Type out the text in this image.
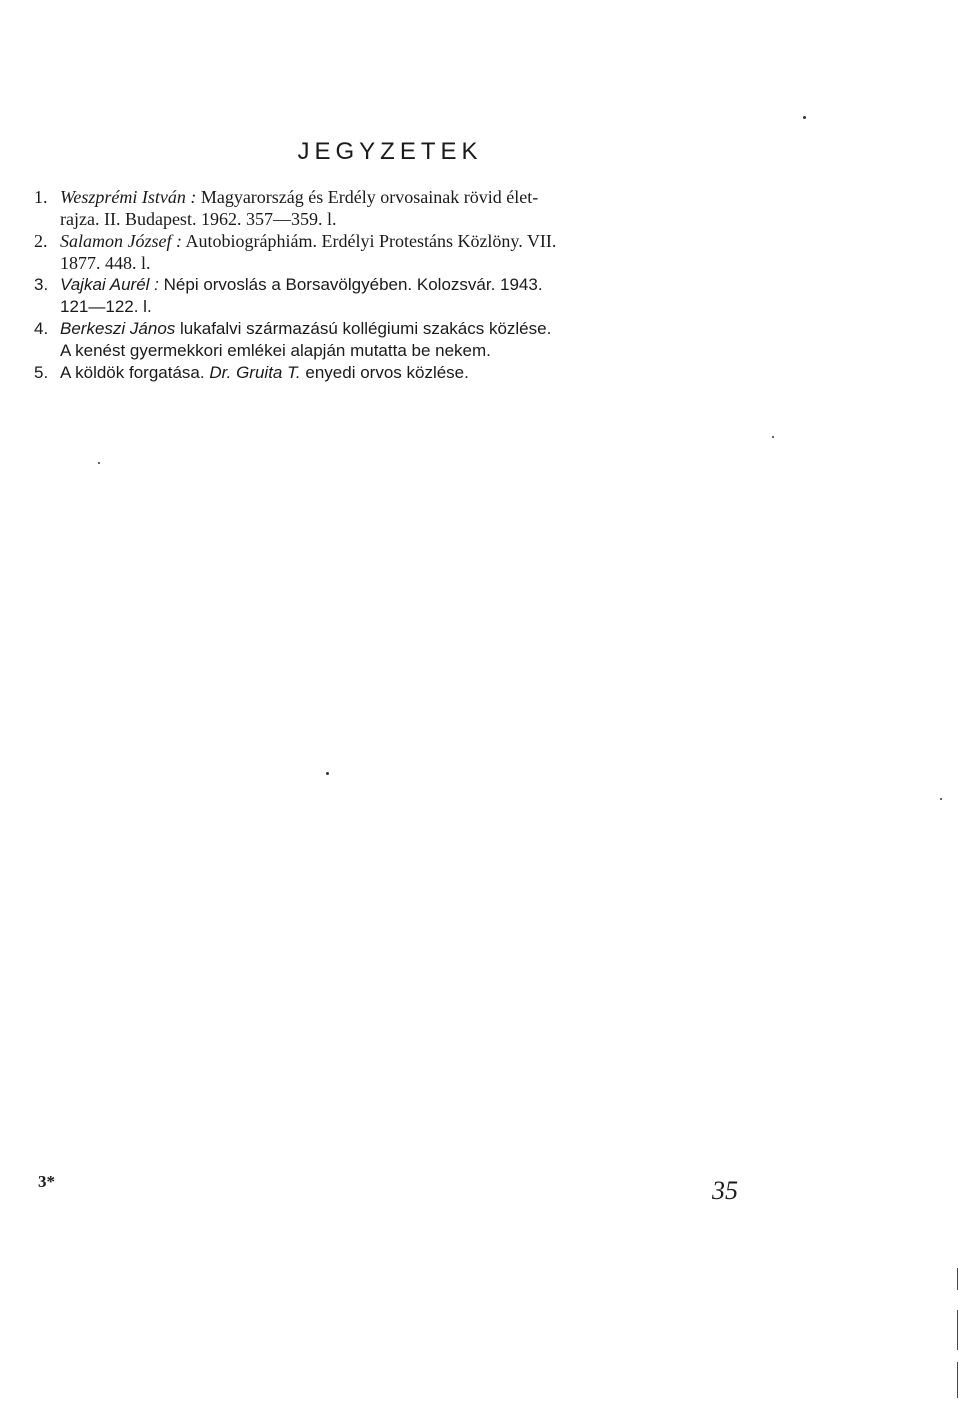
JEGYZETEK
1. Weszprémi István : Magyarország és Erdély orvosainak rövid élet-
rajza. II. Budapest. 1962. 357—359. l.
2. Salamon József : Autobiográphiám. Erdélyi Protestáns Közlöny. VII.
1877. 448. l.
3. Vajkai Aurél : Népi orvoslás a Borsavölgyében. Kolozsvár. 1943.
121—122. l.
4. Berkeszi János lukafalvi származású kollégiumi szakács közlése.
A kenést gyermekkori emlékei alapján mutatta be nekem.
5. A köldök forgatása. Dr. Gruita T. enyedi orvos közlése.
3*	35
